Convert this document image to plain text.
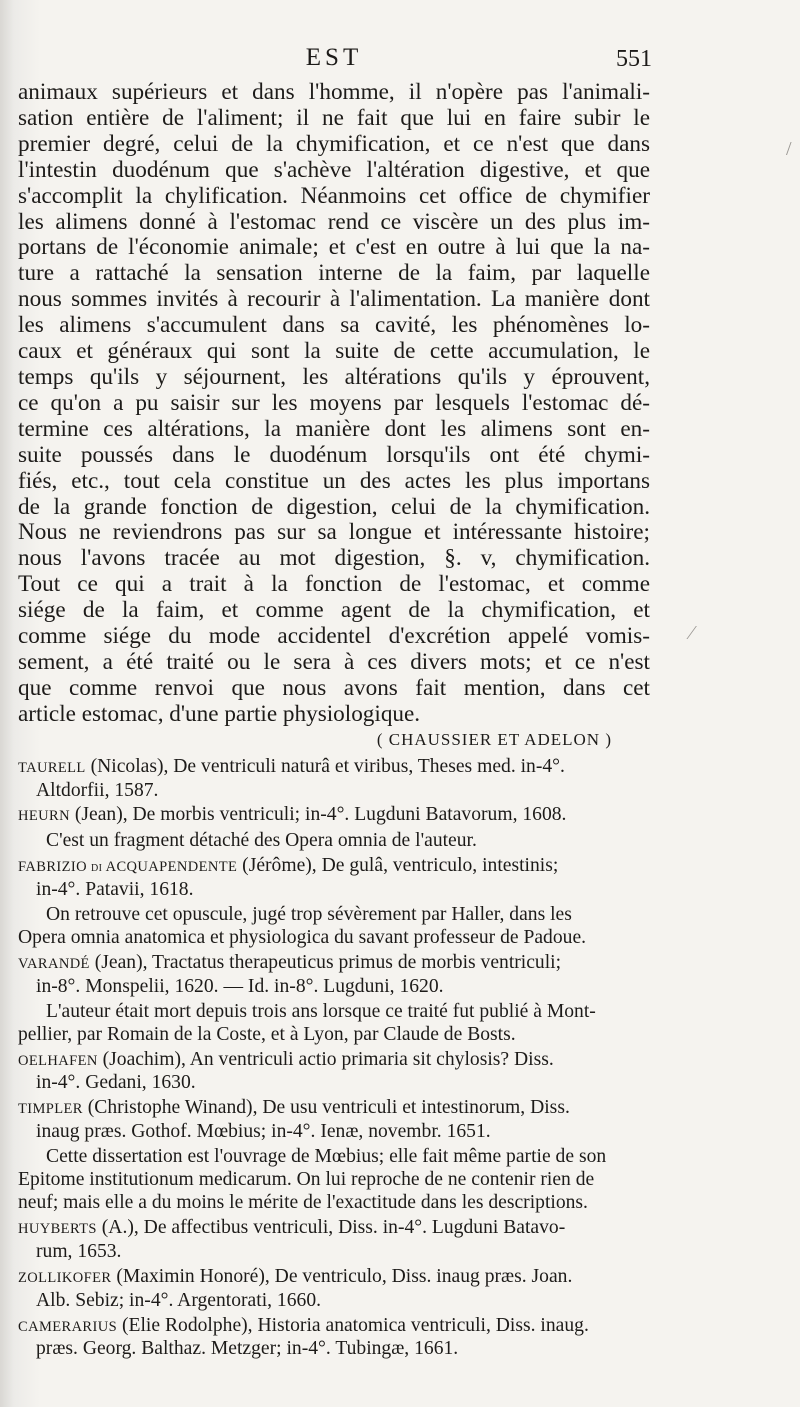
EST	551
animaux supérieurs et dans l'homme, il n'opère pas l'animali-
sation entière de l'aliment; il ne fait que lui en faire subir le
premier degré, celui de la chymification, et ce n'est que dans
l'intestin duodénum que s'achève l'altération digestive, et que
s'accomplit la chylification. Néanmoins cet office de chymifier
les alimens donné à l'estomac rend ce viscère un des plus im-
portans de l'économie animale; et c'est en outre à lui que la na-
ture a rattaché la sensation interne de la faim, par laquelle
nous sommes invités à recourir à l'alimentation. La manière dont
les alimens s'accumulent dans sa cavité, les phénomènes lo-
caux et généraux qui sont la suite de cette accumulation, le
temps qu'ils y séjournent, les altérations qu'ils y éprouvent,
ce qu'on a pu saisir sur les moyens par lesquels l'estomac dé-
termine ces altérations, la manière dont les alimens sont en-
suite poussés dans le duodénum lorsqu'ils ont été chymi-
fiés, etc., tout cela constitue un des actes les plus importans
de la grande fonction de digestion, celui de la chymification.
Nous ne reviendrons pas sur sa longue et intéressante histoire;
nous l'avons tracée au mot digestion, §. v, chymification.
Tout ce qui a trait à la fonction de l'estomac, et comme
siége de la faim, et comme agent de la chymification, et
comme siége du mode accidentel d'excrétion appelé vomis-
sement, a été traité ou le sera à ces divers mots; et ce n'est
que comme renvoi que nous avons fait mention, dans cet
article estomac, d'une partie physiologique.
( CHAUSSIER ET ADELON )
TAURELL (Nicolas), De ventriculi naturâ et viribus, Theses med. in-4°.
Altdorfii, 1587.
HEURN (Jean), De morbis ventriculi; in-4°. Lugduni Batavorum, 1608.
C'est un fragment détaché des Opera omnia de l'auteur.
FABRIZIO di ACQUAPENDENTE (Jérôme), De gulâ, ventriculo, intestinis;
in-4°. Patavii, 1618.
On retrouve cet opuscule, jugé trop sévèrement par Haller, dans les
Opera omnia anatomica et physiologica du savant professeur de Padoue.
VARANDÉ (Jean), Tractatus therapeuticus primus de morbis ventriculi;
in-8°. Monspelii, 1620. — Id. in-8°. Lugduni, 1620.
L'auteur était mort depuis trois ans lorsque ce traité fut publié à Mont-
pellier, par Romain de la Coste, et à Lyon, par Claude de Bosts.
OELHAFEN (Joachim), An ventriculi actio primaria sit chylosis? Diss.
in-4°. Gedani, 1630.
TIMPLER (Christophe Winand), De usu ventriculi et intestinorum, Diss.
inaug præs. Gothof. Mœbius; in-4°. Ienæ, novembr. 1651.
Cette dissertation est l'ouvrage de Mœbius; elle fait même partie de son
Epitome institutionum medicarum. On lui reproche de ne contenir rien de
neuf; mais elle a du moins le mérite de l'exactitude dans les descriptions.
HUYBERTS (A.), De affectibus ventriculi, Diss. in-4°. Lugduni Batavo-
rum, 1653.
ZOLLIKOFER (Maximin Honoré), De ventriculo, Diss. inaug præs. Joan.
Alb. Sebiz; in-4°. Argentorati, 1660.
CAMERARIUS (Elie Rodolphe), Historia anatomica ventriculi, Diss. inaug.
præs. Georg. Balthaz. Metzger; in-4°. Tubingæ, 1661.
/
⁄
